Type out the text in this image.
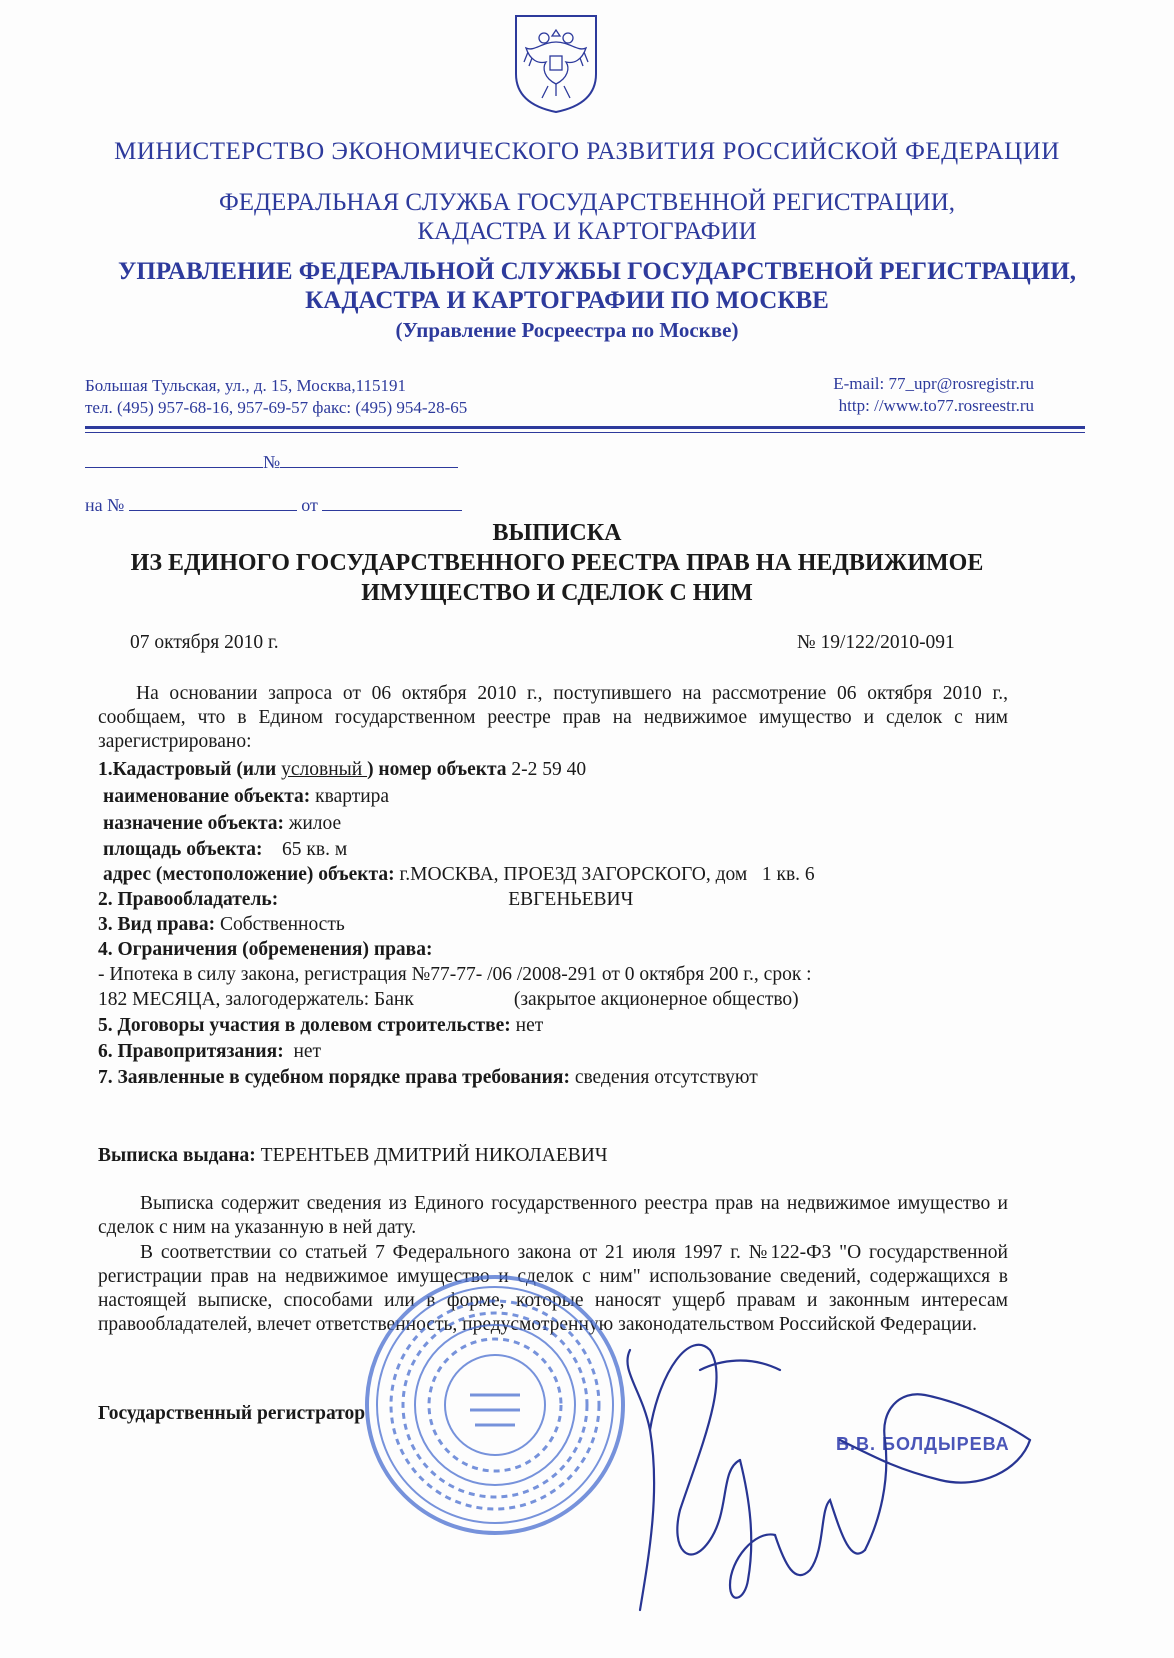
МИНИСТЕРСТВО ЭКОНОМИЧЕСКОГО РАЗВИТИЯ РОССИЙСКОЙ ФЕДЕРАЦИИ
ФЕДЕРАЛЬНАЯ СЛУЖБА ГОСУДАРСТВЕННОЙ РЕГИСТРАЦИИ,
КАДАСТРА И КАРТОГРАФИИ
УПРАВЛЕНИЕ ФЕДЕРАЛЬНОЙ СЛУЖБЫ ГОСУДАРСТВЕНОЙ РЕГИСТРАЦИИ,
КАДАСТРА И КАРТОГРАФИИ ПО МОСКВЕ
(Управление Росреестра по Москве)
Большая Тульская, ул., д. 15, Москва,115191
тел. (495) 957-68-16, 957-69-57 факс: (495) 954-28-65
E-mail: 77_upr@rosregistr.ru
http: //www.to77.rosreestr.ru
№
на №	от
ВЫПИСКА
ИЗ ЕДИНОГО ГОСУДАРСТВЕННОГО РЕЕСТРА ПРАВ НА НЕДВИЖИМОЕ
ИМУЩЕСТВО И СДЕЛОК С НИМ
07 октября 2010 г.	№ 19/122/2010-091
На основании запроса от 06 октября 2010 г., поступившего на рассмотрение 06 октября 2010 г., сообщаем, что в Едином государственном реестре прав на недвижимое имущество и сделок с ним зарегистрировано:
1.Кадастровый (или условный ) номер объекта 2-2 59 40
наименование объекта: квартира
назначение объекта: жилое
площадь объекта: 65 кв. м
адрес (местоположение) объекта: г.МОСКВА, ПРОЕЗД ЗАГОРСКОГО, дом 1 кв. 6
2. Правообладатель:	ЕВГЕНЬЕВИЧ
3. Вид права: Собственность
4. Ограничения (обременения) права:
- Ипотека в силу закона, регистрация №77-77- /06 /2008-291 от 0 октября 200 г., срок :
182 МЕСЯЦА, залогодержатель: Банк	(закрытое акционерное общество)
5. Договоры участия в долевом строительстве: нет
6. Правопритязания: нет
7. Заявленные в судебном порядке права требования: сведения отсутствуют
Выписка выдана: ТЕРЕНТЬЕВ ДМИТРИЙ НИКОЛАЕВИЧ
Выписка содержит сведения из Единого государственного реестра прав на недвижимое имущество и сделок с ним на указанную в ней дату.
В соответствии со статьей 7 Федерального закона от 21 июля 1997 г. №122-ФЗ "О государственной регистрации прав на недвижимое имущество и сделок с ним" использование сведений, содержащихся в настоящей выписке, способами или в форме, которые наносят ущерб правам и законным интересам правообладателей, влечет ответственность, предусмотренную законодательством Российской Федерации.
Государственный регистратор
В.В. БОЛДЫРЕВА
